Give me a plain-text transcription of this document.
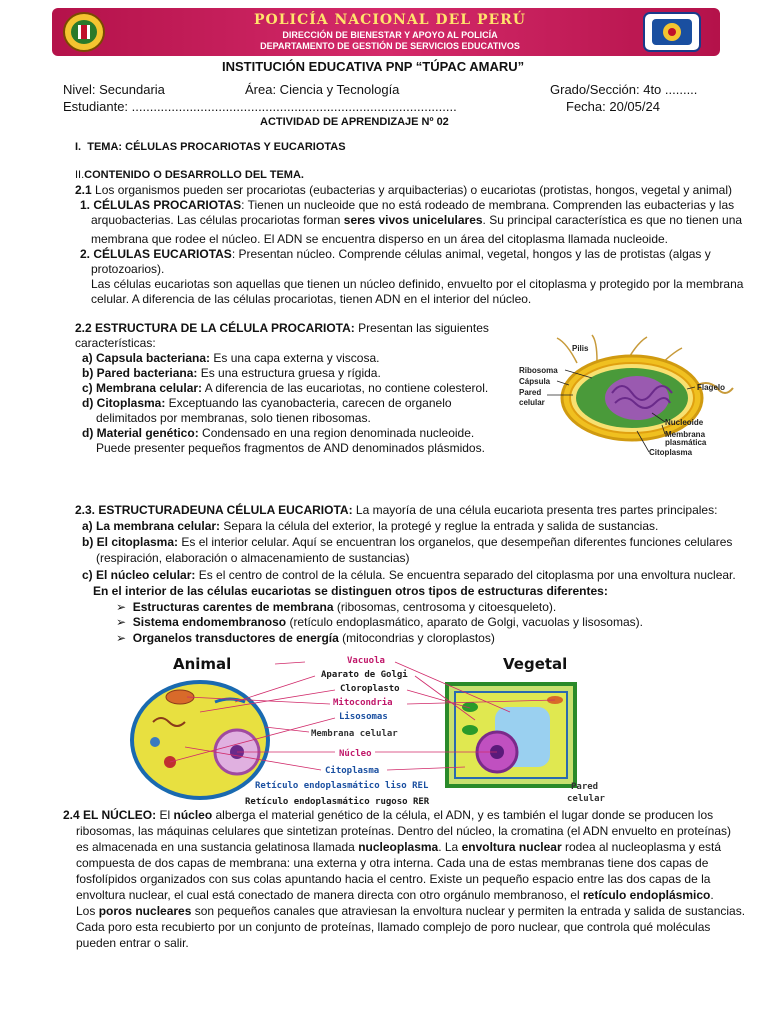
POLICÍA NACIONAL DEL PERÚ
DIRECCIÓN DE BIENESTAR Y APOYO AL POLICÍA
DEPARTAMENTO DE GESTIÓN DE SERVICIOS EDUCATIVOS
INSTITUCIÓN EDUCATIVA PNP “TÚPAC AMARU”
Nivel: Secundaria	Área: Ciencia y Tecnología	Grado/Sección: 4to .........
Estudiante: ..........................................................................................	Fecha: 20/05/24
ACTIVIDAD DE APRENDIZAJE Nº 02
I. TEMA: CÉLULAS PROCARIOTAS Y EUCARIOTAS
II.CONTENIDO O DESARROLLO DEL TEMA.
2.1 Los organismos pueden ser procariotas (eubacterias y arquibacterias) o eucariotas (protistas, hongos, vegetal y animal)
1. CÉLULAS PROCARIOTAS: Tienen un nucleoide que no está rodeado de membrana. Comprenden las eubacterias y las
arquobacterias. Las células procariotas forman seres vivos unicelulares. Su principal característica es que no tienen una
membrana que rodee el núcleo. El ADN se encuentra disperso en un área del citoplasma llamada nucleoide.
2. CÉLULAS EUCARIOTAS: Presentan núcleo. Comprende células animal, vegetal, hongos y las de protistas (algas y
protozoarios).
Las células eucariotas son aquellas que tienen un núcleo definido, envuelto por el citoplasma y protegido por la membrana
celular. A diferencia de las células procariotas, tienen ADN en el interior del núcleo.
2.2 ESTRUCTURA DE LA CÉLULA PROCARIOTA: Presentan las siguientes
características:
a) Capsula bacteriana: Es una capa externa y viscosa.
b) Pared bacteriana: Es una estructura gruesa y rígida.
c) Membrana celular: A diferencia de las eucariotas, no contiene colesterol.
d) Citoplasma: Exceptuando las cyanobacteria, carecen de organelo
delimitados por membranas, solo tienen ribosomas.
d) Material genético: Condensado en una region denominada nucleoide.
Puede presenter pequeños fragmentos de AND denominados plásmidos.
Pilis
Ribosoma
Cápsula
Pared
celular
Flagelo
Nucleoide
Membrana
plasmática
Citoplasma
2.3. ESTRUCTURADEUNA CÉLULA EUCARIOTA: La mayoría de una célula eucariota presenta tres partes principales:
a) La membrana celular: Separa la célula del exterior, la protegé y reglue la entrada y salida de sustancias.
b) El citoplasma: Es el interior celular. Aquí se encuentran los organelos, que desempeñan diferentes funciones celulares
(respiración, elaboración o almacenamiento de sustancias)
c) El núcleo celular: Es el centro de control de la célula. Se encuentra separado del citoplasma por una envoltura nuclear.
En el interior de las células eucariotas se distinguen otros tipos de estructuras diferentes:
➢ Estructuras carentes de membrana (ribosomas, centrosoma y citoesqueleto).
➢ Sistema endomembranoso (retículo endoplasmático, aparato de Golgi, vacuolas y lisosomas).
➢ Organelos transductores de energía (mitocondrias y cloroplastos)
Animal	Vegetal
Vacuola
Aparato de Golgi
Cloroplasto
Mitocondria
Lisosomas
Membrana celular
Núcleo
Citoplasma
Retículo endoplasmático liso REL
Retículo endoplasmático rugoso RER
Pared
celular
2.4 EL NÚCLEO: El núcleo alberga el material genético de la célula, el ADN, y es también el lugar donde se producen los
ribosomas, las máquinas celulares que sintetizan proteínas. Dentro del núcleo, la cromatina (el ADN envuelto en proteínas)
es almacenada en una sustancia gelatinosa llamada nucleoplasma. La envoltura nuclear rodea al nucleoplasma y está
compuesta de dos capas de membrana: una externa y otra interna. Cada una de estas membranas tiene dos capas de
fosfolípidos organizados con sus colas apuntando hacia el centro. Existe un pequeño espacio entre las dos capas de la
envoltura nuclear, el cual está conectado de manera directa con otro orgánulo membranoso, el retículo endoplásmico.
Los poros nucleares son pequeños canales que atraviesan la envoltura nuclear y permiten la entrada y salida de sustancias.
Cada poro esta recubierto por un conjunto de proteínas, llamado complejo de poro nuclear, que controla qué moléculas
pueden entrar o salir.
